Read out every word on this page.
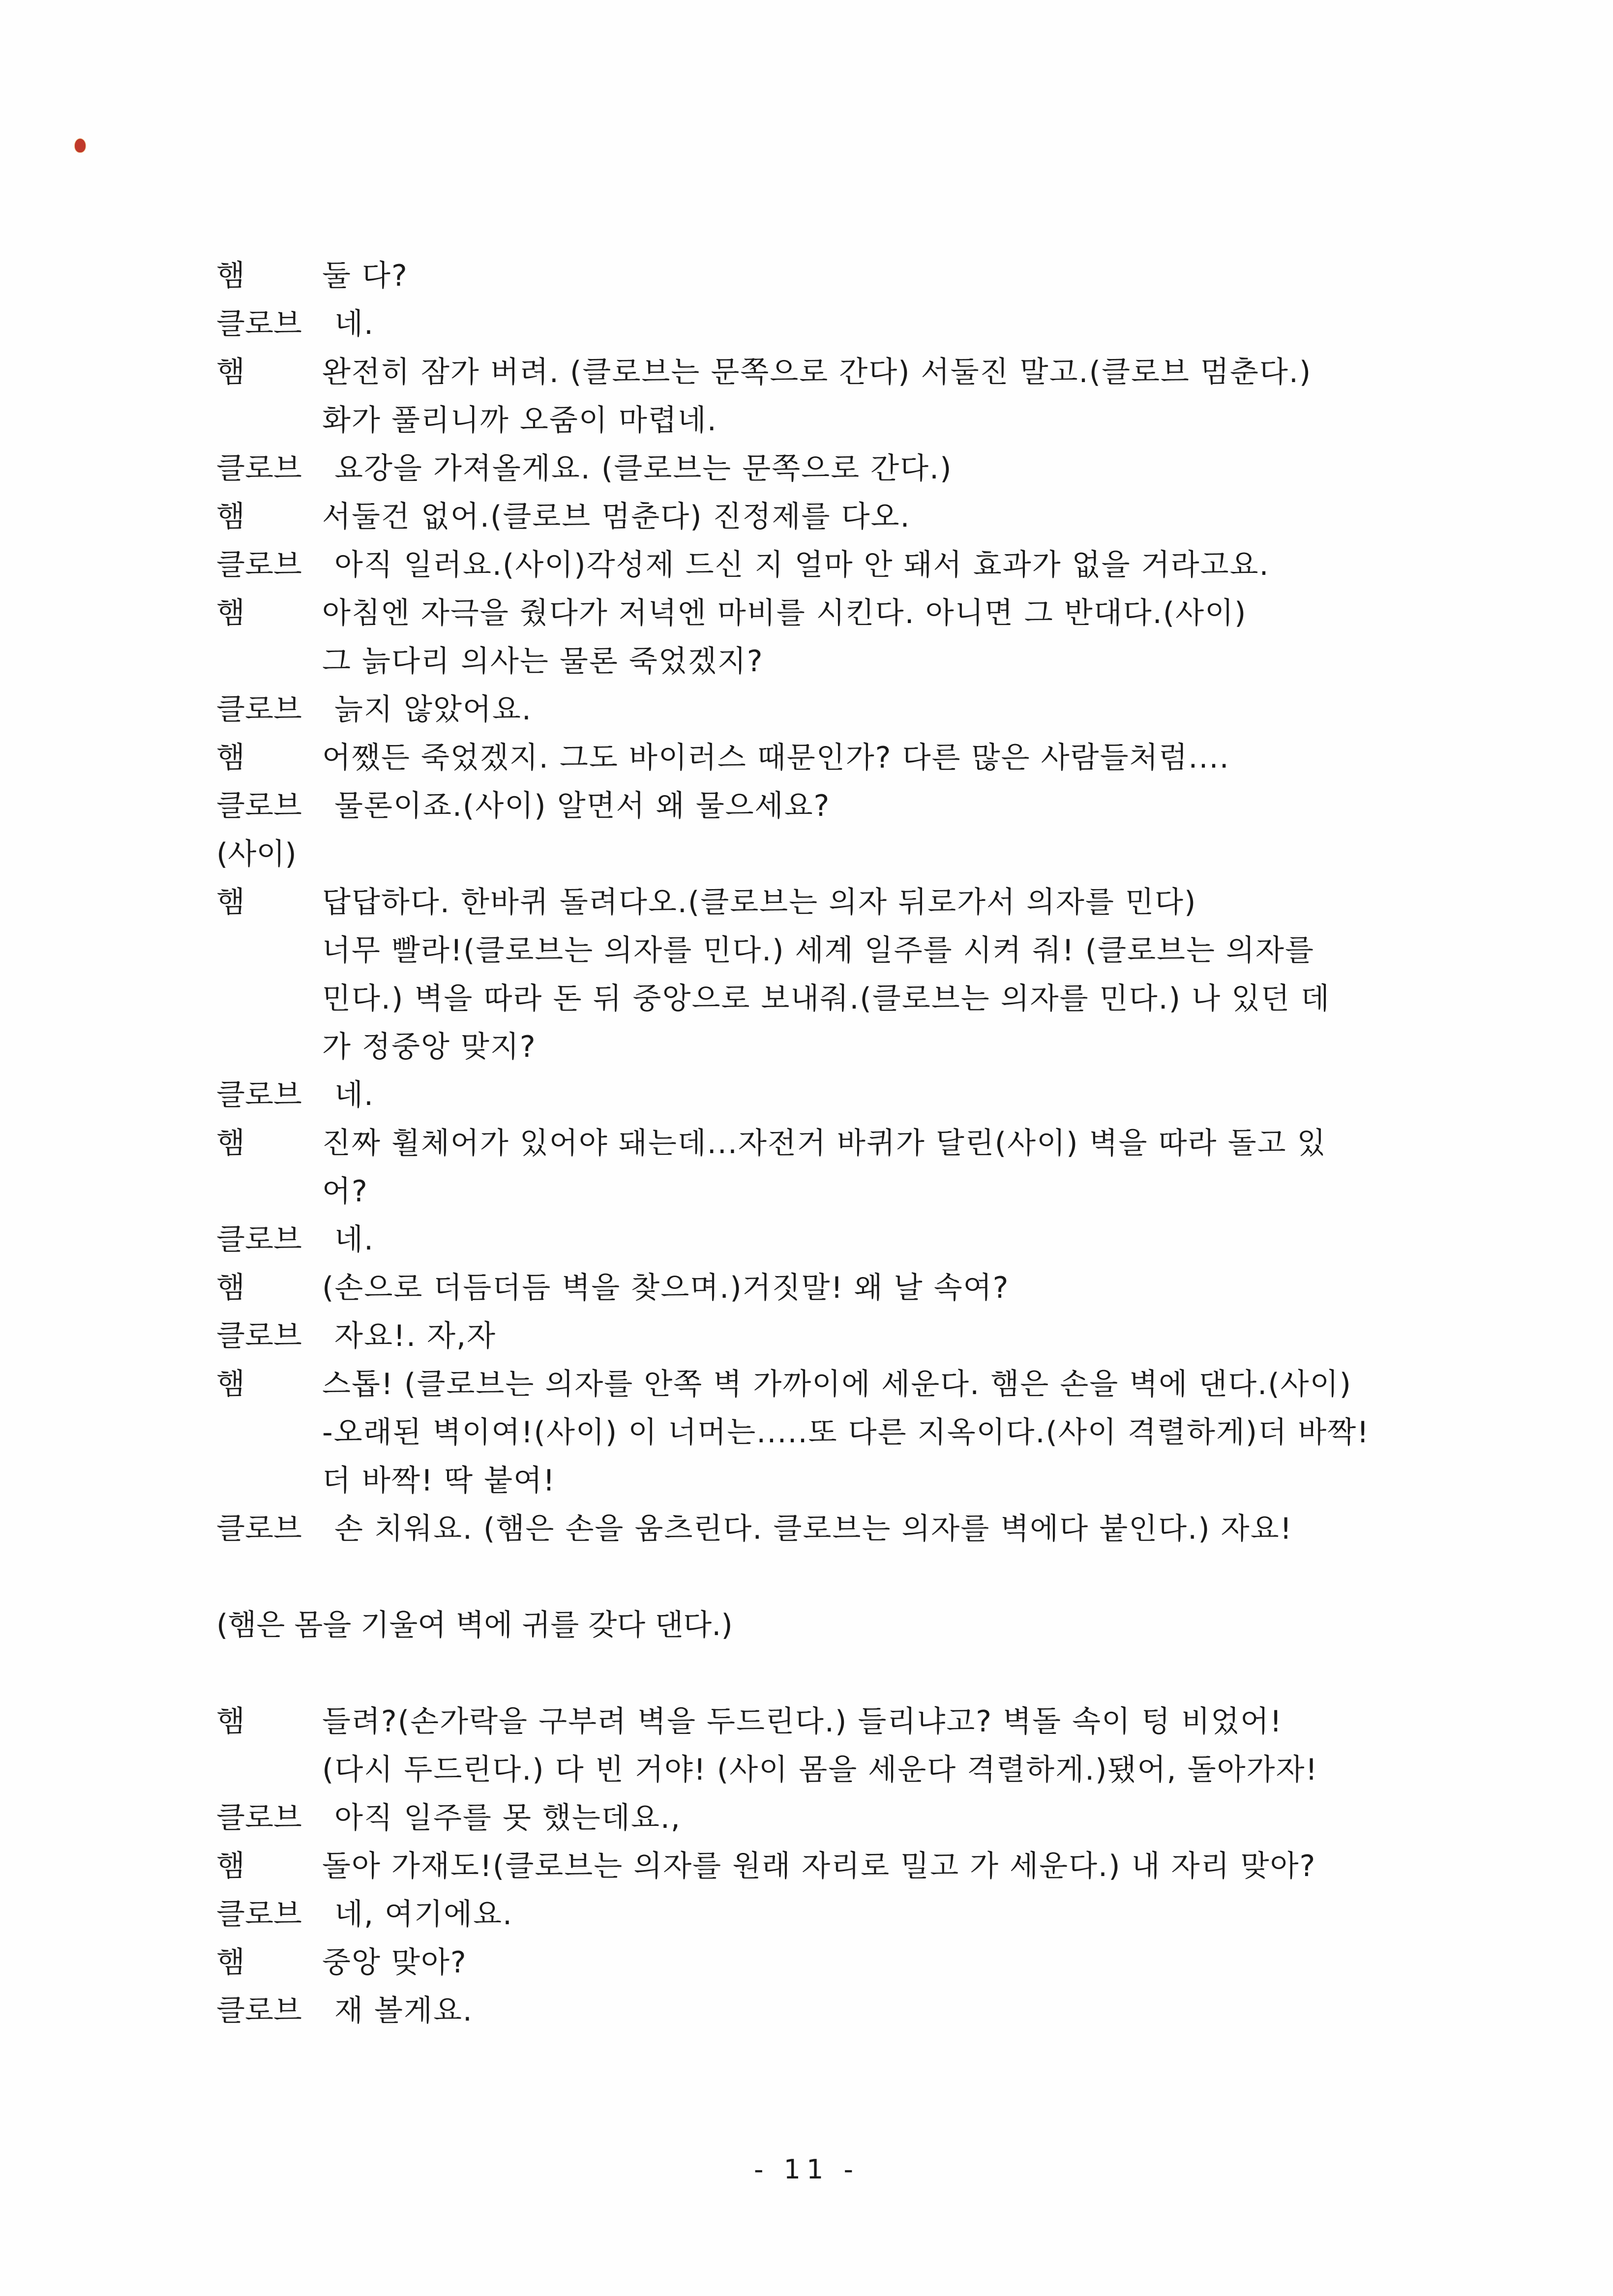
햄	둘 다?
클로브 네.
햄	완전히 잠가 버려. (클로브는 문쪽으로 간다) 서둘진 말고.(클로브 멈춘다.)
화가 풀리니까 오줌이 마렵네.
클로브 요강을 가져올게요. (클로브는 문쪽으로 간다.)
햄	서둘건 없어.(클로브 멈춘다) 진정제를 다오.
클로브 아직 일러요.(사이)각성제 드신 지 얼마 안 돼서 효과가 없을 거라고요.
햄	아침엔 자극을 줬다가 저녁엔 마비를 시킨다. 아니면 그 반대다.(사이)
그 늙다리 의사는 물론 죽었겠지?
클로브 늙지 않았어요.
햄	어쨌든 죽었겠지. 그도 바이러스 때문인가? 다른 많은 사람들처럼....
클로브 물론이죠.(사이) 알면서 왜 물으세요?
(사이)
햄	답답하다. 한바퀴 돌려다오.(클로브는 의자 뒤로가서 의자를 민다)
너무 빨라!(클로브는 의자를 민다.) 세계 일주를 시켜 줘! (클로브는 의자를
민다.) 벽을 따라 돈 뒤 중앙으로 보내줘.(클로브는 의자를 민다.) 나 있던 데
가 정중앙 맞지?
클로브 네.
햄	진짜 휠체어가 있어야 돼는데...자전거 바퀴가 달린(사이) 벽을 따라 돌고 있
어?
클로브 네.
햄	(손으로 더듬더듬 벽을 찾으며.)거짓말! 왜 날 속여?
클로브 자요!. 자,자
햄	스톱! (클로브는 의자를 안쪽 벽 가까이에 세운다. 햄은 손을 벽에 댄다.(사이)
-오래된 벽이여!(사이) 이 너머는.....또 다른 지옥이다.(사이 격렬하게)더 바짝!
더 바짝! 딱 붙여!
클로브 손 치워요. (햄은 손을 움츠린다. 클로브는 의자를 벽에다 붙인다.) 자요!
(햄은 몸을 기울여 벽에 귀를 갖다 댄다.)
햄	들려?(손가락을 구부려 벽을 두드린다.) 들리냐고? 벽돌 속이 텅 비었어!
(다시 두드린다.) 다 빈 거야! (사이 몸을 세운다 격렬하게.)됐어, 돌아가자!
클로브 아직 일주를 못 했는데요.,
햄	돌아 가재도!(클로브는 의자를 원래 자리로 밀고 가 세운다.) 내 자리 맞아?
클로브 네, 여기에요.
햄	중앙 맞아?
클로브 재 볼게요.
- 11 -
